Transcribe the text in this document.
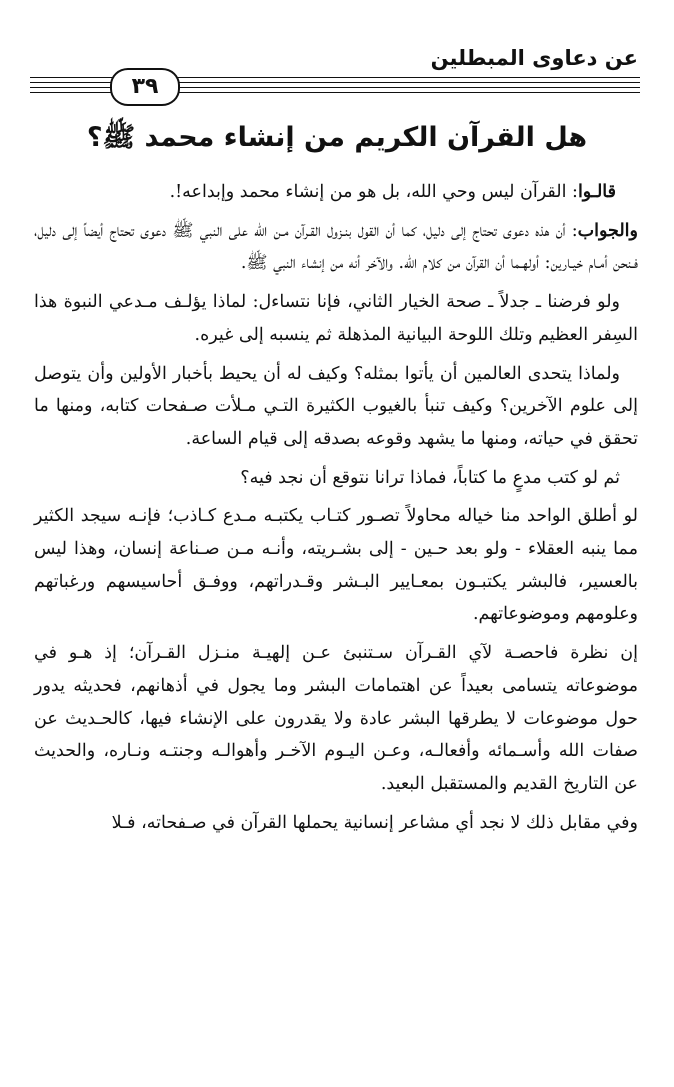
عن دعاوى المبطلين
٣٩
هل القرآن الكريم من إنشاء محمد ﷺ؟

قالـوا: القرآن ليس وحي الله، بل هو من إنشاء محمد وإبداعه!.

والجواب: أن هذه دعوى تحتاج إلى دليل، كما أن القول بنـزول القـرآن مـن الله على النبي ﷺ دعوى تحتاج أيضاً إلى دليل، فـنحن أمـام خيـارين: أولهـما أن القرآن من كلام الله. والآخر أنه من إنشاء النبي ﷺ.

ولو فرضنا ـ جدلاً ـ صحة الخيار الثاني، فإنا نتساءل: لماذا يؤلـف مـدعي النبوة هذا السِفر العظيم وتلك اللوحة البيانية المذهلة ثم ينسبه إلى غيره.

ولماذا يتحدى العالمين أن يأتوا بمثله؟ وكيف له أن يحيط بأخبار الأولين وأن يتوصل إلى علوم الآخرين؟ وكيف تنبأ بالغيوب الكثيرة التـي مـلأت صـفحات كتابه، ومنها ما تحقق في حياته، ومنها ما يشهد وقوعه بصدقه إلى قيام الساعة.

ثم لو كتب مدعٍ ما كتاباً، فماذا ترانا نتوقع أن نجد فيه؟

لو أطلق الواحد منا خياله محاولاً تصـور كتـاب يكتبـه مـدع كـاذب؛ فإنـه سيجد الكثير مما ينبه العقلاء - ولو بعد حـين - إلى بشـريته، وأنـه مـن صـناعة إنسان، وهذا ليس بالعسير، فالبشر يكتبـون بمعـايير البـشر وقـدراتهم، ووفـق أحاسيسهم ورغباتهم وعلومهم وموضوعاتهم.

إن نظرة فاحصـة لآي القـرآن سـتنبئ عـن إلهيـة منـزل القـرآن؛ إذ هـو في موضوعاته يتسامى بعيداً عن اهتمامات البشر وما يجول في أذهانهم، فحديثه يدور حول موضوعات لا يطرقها البشر عادة ولا يقدرون على الإنشاء فيها، كالحـديث عن صفات الله وأسـمائه وأفعالـه، وعـن اليـوم الآخـر وأهوالـه وجنتـه ونـاره، والحديث عن التاريخ القديم والمستقبل البعيد.

وفي مقابل ذلك لا نجد أي مشاعر إنسانية يحملها القرآن في صـفحاته، فـلا
